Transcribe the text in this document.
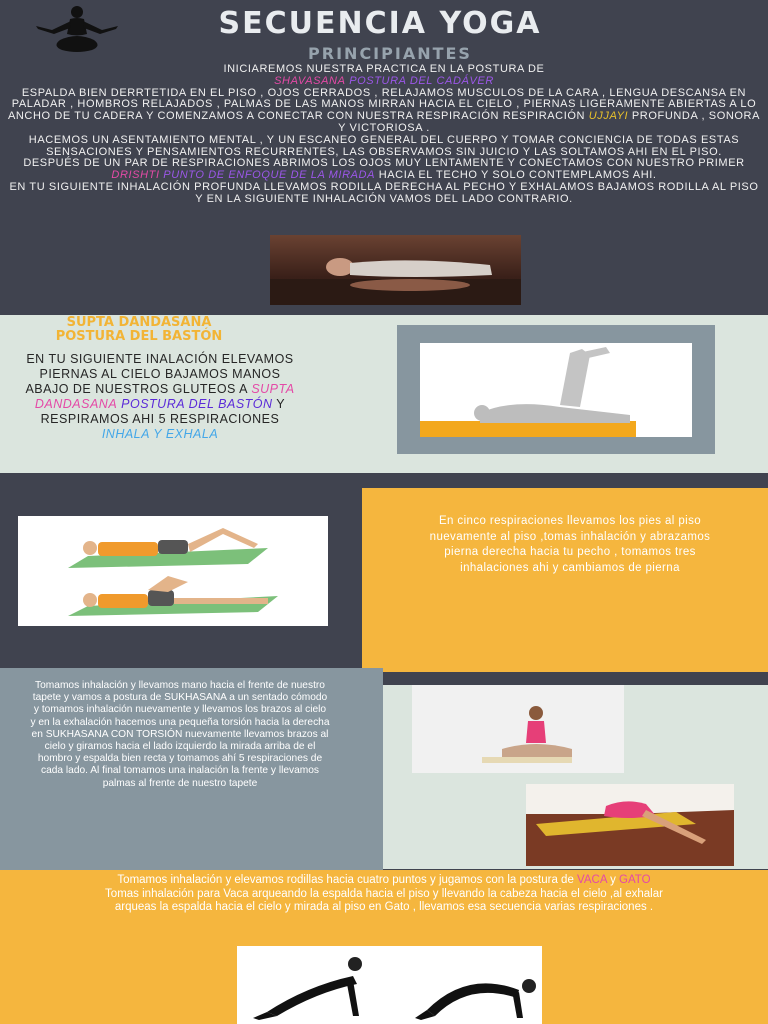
SECUENCIA YOGA
PRINCIPIANTES
INICIAREMOS NUESTRA PRACTICA EN LA POSTURA DE
SHAVASANA POSTURA DEL CADÁVER
ESPALDA BIEN DERRTETIDA EN EL PISO , OJOS CERRADOS , RELAJAMOS MUSCULOS DE LA CARA , LENGUA DESCANSA EN PALADAR , HOMBROS RELAJADOS , PALMAS DE LAS MANOS MIRRAN HACIA EL CIELO , PIERNAS LIGERAMENTE ABIERTAS A LO ANCHO DE TU CADERA Y COMENZAMOS A CONECTAR CON NUESTRA RESPIRACIÓN RESPIRACIÓN UJJAYI PROFUNDA , SONORA Y VICTORIOSA .
HACEMOS UN ASENTAMIENTO MENTAL , Y UN ESCANEO GENERAL DEL CUERPO Y TOMAR CONCIENCIA DE TODAS ESTAS SENSACIONES Y PENSAMIENTOS RECURRENTES, LAS OBSERVAMOS SIN JUICIO Y LAS SOLTAMOS AHI EN EL PISO.
DESPUÉS DE UN PAR DE RESPIRACIONES ABRIMOS LOS OJOS MUY LENTAMENTE Y CONECTAMOS CON NUESTRO PRIMER DRISHTI PUNTO DE ENFOQUE DE LA MIRADA HACIA EL TECHO Y SOLO CONTEMPLAMOS AHI.
EN TU SIGUIENTE INHALACIÓN PROFUNDA LLEVAMOS RODILLA DERECHA AL PECHO Y EXHALAMOS BAJAMOS RODILLA AL PISO Y EN LA SIGUIENTE INHALACIÓN VAMOS DEL LADO CONTRARIO.
SUPTA DANDASANA
POSTURA DEL BASTÓN
EN TU SIGUIENTE INALACIÓN ELEVAMOS PIERNAS AL CIELO BAJAMOS MANOS ABAJO DE NUESTROS GLUTEOS A SUPTA DANDASANA POSTURA DEL BASTÓN Y RESPIRAMOS AHI 5 RESPIRACIONES
INHALA Y EXHALA
En cinco respiraciones llevamos los pies al piso nuevamente al piso ,tomas inhalación y abrazamos pierna derecha hacia tu pecho , tomamos tres inhalaciones ahi y cambiamos de pierna
Tomamos inhalación y llevamos mano hacia el frente de nuestro tapete y vamos a postura de SUKHASANA a un sentado cómodo y tomamos inhalación nuevamente y llevamos los brazos al cielo y en la exhalación hacemos una pequeña torsión hacia la derecha en SUKHASANA CON TORSIÓN nuevamente llevamos brazos al cielo y giramos hacia el lado izquierdo la mirada arriba de el hombro y espalda bien recta y tomamos ahí 5 respiraciones de cada lado. Al final tomamos una inalación la frente y llevamos palmas al frente de nuestro tapete
Tomamos inhalación y elevamos rodillas hacia cuatro puntos y jugamos con la postura de VACA y GATO
Tomas inhalación para Vaca arqueando la espalda hacia el piso y llevando la cabeza hacia el cielo ,al exhalar arqueas la espalda hacia el cielo y mirada al piso en Gato , llevamos esa secuencia varias respiraciones .
